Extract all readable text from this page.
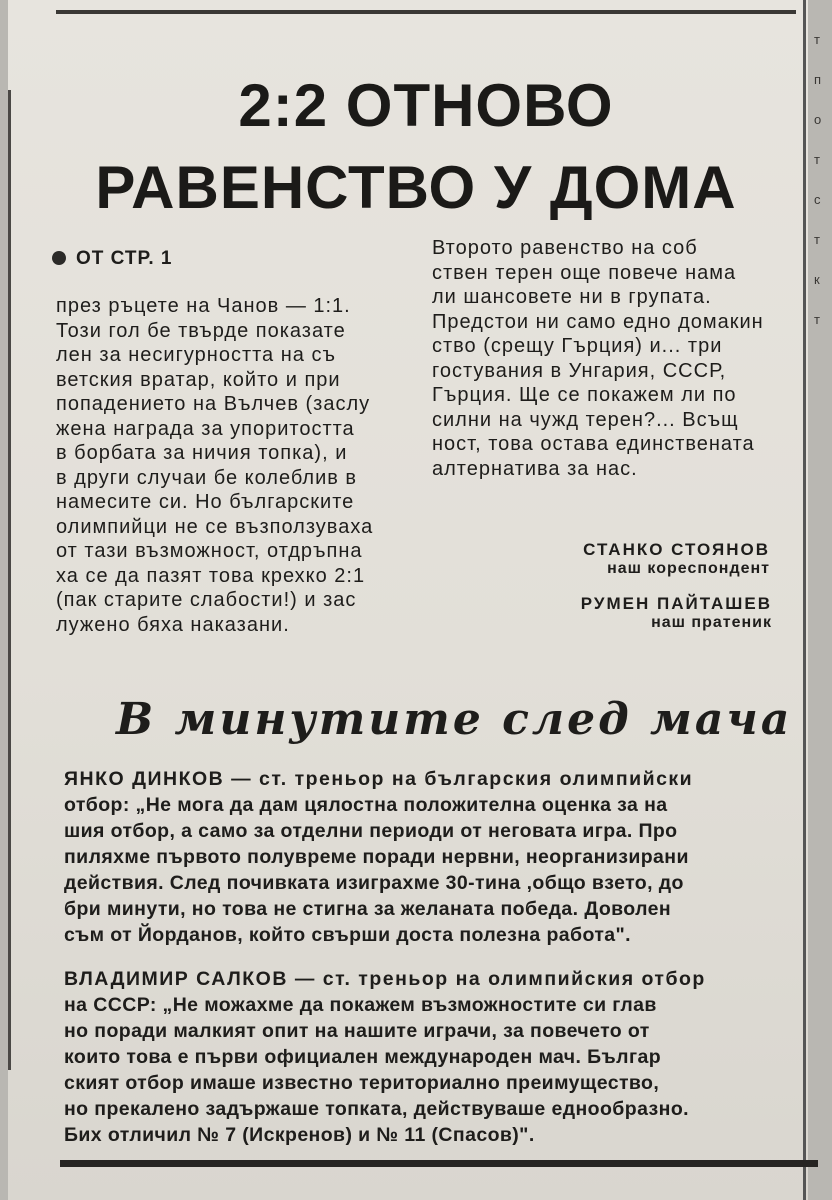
т
п
о
т
с
т
к
т
2:2 ОТНОВО
РАВЕНСТВО У ДОМА
ОТ СТР. 1
през ръцете на Чанов — 1:1.
Този гол бе твърде показате
лен за несигурността на съ
ветския вратар, който и при
попадението на Вълчев (заслу
жена награда за упоритостта
в борбата за ничия топка), и
в други случаи бе колеблив в
намесите си. Но българските
олимпийци не се възползуваха
от тази възможност, отдръпна
ха се да пазят това крехко 2:1
(пак старите слабости!) и зас
лужено бяха наказани.
Второто равенство на соб
ствен терен още повече нама
ли шансовете ни в групата.
Предстои ни само едно домакин
ство (срещу Гърция) и... три
гостувания в Унгария, СССР,
Гърция. Ще се покажем ли по
силни на чужд терен?... Всъщ
ност, това остава единствената
алтернатива за нас.
СТАНКО СТОЯНОВ
наш кореспондент
РУМЕН ПАЙТАШЕВ
наш пратеник
В минутите след мача
ЯНКО ДИНКОВ — ст. треньор на българския олимпийски
отбор: „Не мога да дам цялостна положителна оценка за на
шия отбор, а само за отделни периоди от неговата игра. Про
пиляхме първото полувреме поради нервни, неорганизирани
действия. След почивката изиграхме 30-тина ,общо взето, до
бри минути, но това не стигна за желаната победа. Доволен
съм от Йорданов, който свърши доста полезна работа".
ВЛАДИМИР САЛКОВ — ст. треньор на олимпийския отбор
на СССР: „Не можахме да покажем възможностите си глав
но поради малкият опит на нашите играчи, за повечето от
които това е първи официален международен мач. Българ
ският отбор имаше известно териториално преимущество,
но прекалено задържаше топката, действуваше еднообразно.
Бих отличил № 7 (Искренов) и № 11 (Спасов)".
